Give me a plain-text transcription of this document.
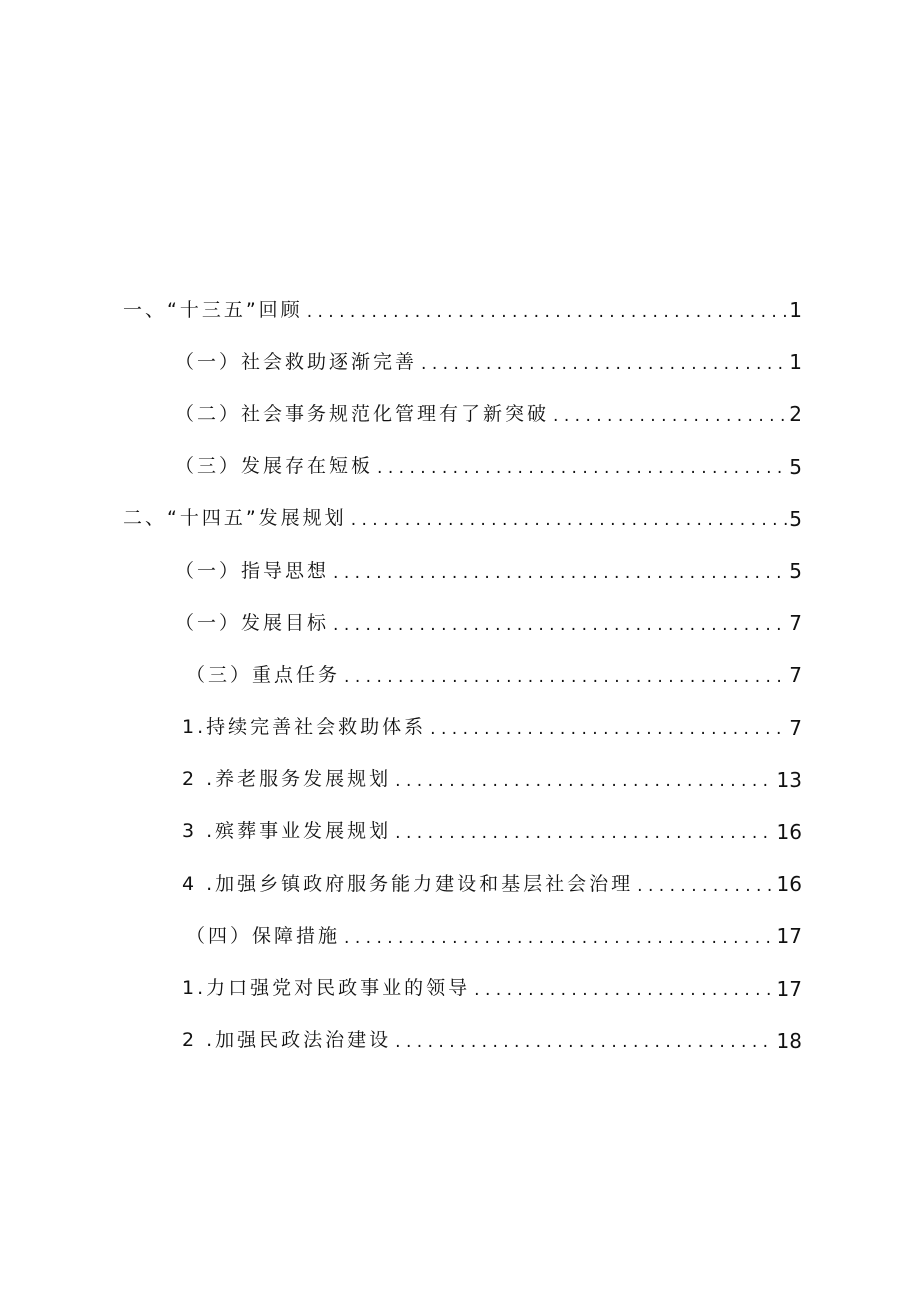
一、“十三五”回顾 . . .	1
（一）社会救助逐渐完善 . . .	1
（二）社会事务规范化管理有了新突破 . . .	2
（三）发展存在短板 . . .	5
二、“十四五”发展规划 . . .	5
（一）指导思想 . . .	5
（一）发展目标 . . .	7
（三）重点任务 . . .	7
1.持续完善社会救助体系 . . .	7
2 .养老服务发展规划 . . .	13
3 .殡葬事业发展规划 . . .	16
4 .加强乡镇政府服务能力建设和基层社会治理 . . .	16
（四）保障措施 . . .	17
1.力口强党对民政事业的领导 . . .	17
2 .加强民政法治建设 . . .	18
